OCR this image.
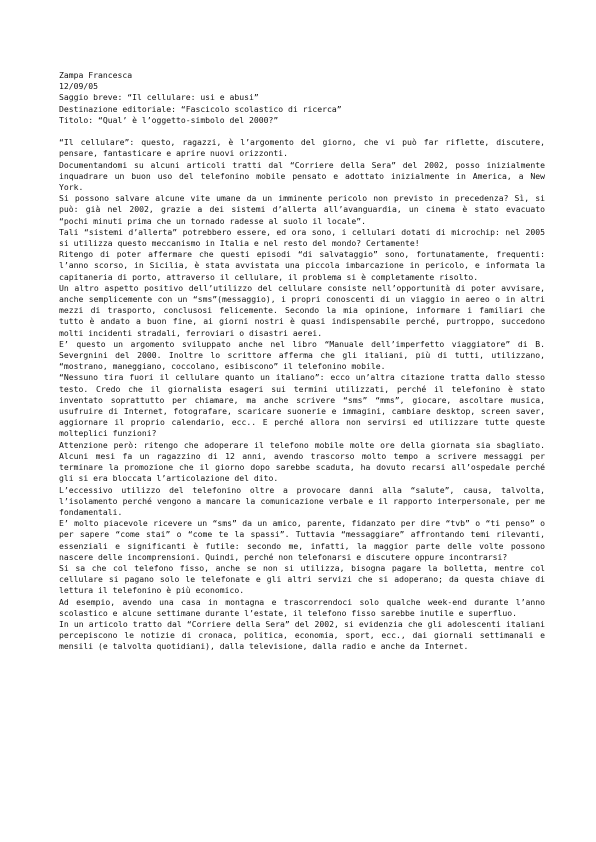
Zampa Francesca
12/09/05
Saggio breve: “Il cellulare: usi e abusi”
Destinazione editoriale: “Fascicolo scolastico di ricerca”
Titolo: “Qual’ è l’oggetto-simbolo del 2000?”

“Il cellulare”: questo, ragazzi, è l’argomento del giorno, che vi può far riflette, discutere, pensare, fantasticare e aprire nuovi orizzonti.

Documentandomi su alcuni articoli tratti dal “Corriere della Sera” del 2002, posso inizialmente inquadrare un buon uso del telefonino mobile pensato e adottato inizialmente in America, a New York.

Si possono salvare alcune vite umane da un imminente pericolo non previsto in precedenza? Sì, si può: già nel 2002, grazie a dei sistemi d’allerta all’avanguardia, un cinema è stato evacuato “pochi minuti prima che un tornado radesse al suolo il locale”.

Tali “sistemi d’allerta” potrebbero essere, ed ora sono, i cellulari dotati di microchip: nel 2005 si utilizza questo meccanismo in Italia e nel resto del mondo? Certamente!

Ritengo di poter affermare che questi episodi “di salvataggio” sono, fortunatamente, frequenti: l’anno scorso, in Sicilia, è stata avvistata una piccola imbarcazione in pericolo, e informata la capitaneria di porto, attraverso il cellulare, il problema si è completamente risolto.

Un altro aspetto positivo dell’utilizzo del cellulare consiste nell’opportunità di poter avvisare, anche semplicemente con un “sms”(messaggio), i propri conoscenti di un viaggio in aereo o in altri mezzi di trasporto, conclusosi felicemente. Secondo la mia opinione, informare i familiari che tutto è andato a buon fine, ai giorni nostri è quasi indispensabile perché, purtroppo, succedono molti incidenti stradali, ferroviari o disastri aerei.

E’ questo un argomento sviluppato anche nel libro “Manuale dell’imperfetto viaggiatore” di B. Severgnini del 2000. Inoltre lo scrittore afferma che gli italiani, più di tutti, utilizzano, “mostrano, maneggiano, coccolano, esibiscono” il telefonino mobile.

“Nessuno tira fuori il cellulare quanto un italiano”: ecco un’altra citazione tratta dallo stesso testo. Credo che il giornalista esageri sui termini utilizzati, perché il telefonino è stato inventato soprattutto per chiamare, ma anche scrivere “sms” “mms”, giocare, ascoltare musica, usufruire di Internet, fotografare, scaricare suonerie e immagini, cambiare desktop, screen saver, aggiornare il proprio calendario, ecc.. E perché allora non servirsi ed utilizzare tutte queste molteplici funzioni?

Attenzione però: ritengo che adoperare il telefono mobile molte ore della giornata sia sbagliato. Alcuni mesi fa un ragazzino di 12 anni, avendo trascorso molto tempo a scrivere messaggi per terminare la promozione che il giorno dopo sarebbe scaduta, ha dovuto recarsi all’ospedale perché gli si era bloccata l’articolazione del dito.

L’eccessivo utilizzo del telefonino oltre a provocare danni alla “salute”, causa, talvolta, l’isolamento perché vengono a mancare la comunicazione verbale e il rapporto interpersonale, per me fondamentali.

E’ molto piacevole ricevere un “sms” da un amico, parente, fidanzato per dire “tvb” o “ti penso” o per sapere “come stai” o “come te la spassi”. Tuttavia “messaggiare” affrontando temi rilevanti, essenziali e significanti è futile: secondo me, infatti, la maggior parte delle volte possono nascere delle incomprensioni. Quindi, perché non telefonarsi e discutere oppure incontrarsi?

Si sa che col telefono fisso, anche se non si utilizza, bisogna pagare la bolletta, mentre col cellulare si pagano solo le telefonate e gli altri servizi che si adoperano; da questa chiave di lettura il telefonino è più economico.

Ad esempio, avendo una casa in montagna e trascorrendoci solo qualche week-end durante l’anno scolastico e alcune settimane durante l’estate, il telefono fisso sarebbe inutile e superfluo.

In un articolo tratto dal “Corriere della Sera” del 2002, si evidenzia che gli adolescenti italiani percepiscono le notizie di cronaca, politica, economia, sport, ecc., dai giornali settimanali e mensili (e talvolta quotidiani), dalla televisione, dalla radio e anche da Internet.
